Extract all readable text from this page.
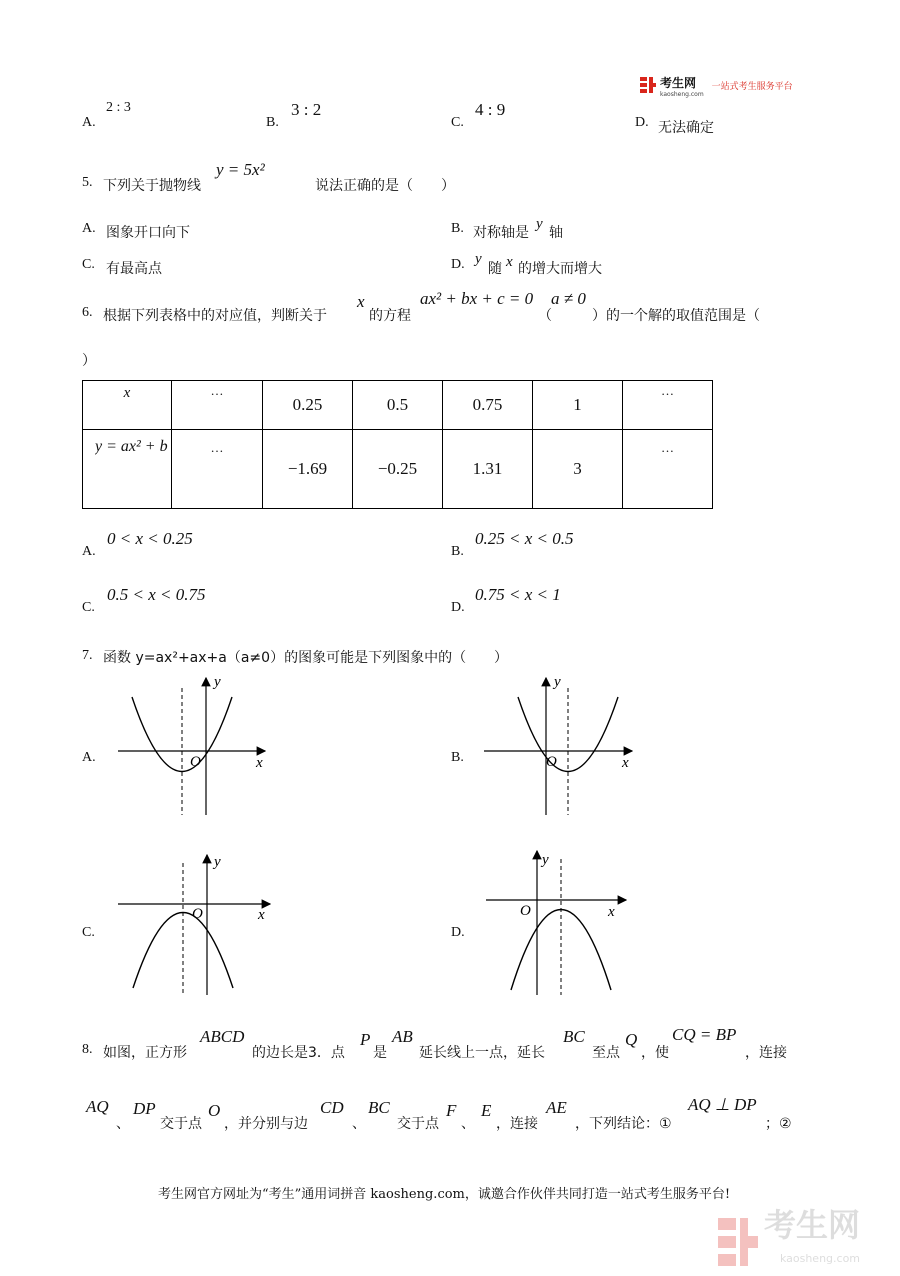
考生网
kaosheng.com
一站式考生服务平台
A.
2 : 3
B.
3 : 2
C.
4 : 9
D. 无法确定
5. 下列关于抛物线
y = 5x²
说法正确的是（　　）
A. 图象开口向下	B. 对称轴是
y
轴
C. 有最高点	D. y
随 x 的增大而增大
6. 根据下列表格中的对应值，判断关于
x
的方程
ax² + bx + c = 0
（
a ≠ 0
）的一个解的取值范围是（
）
x	…	0.25	0.5	0.75	1	…
y = ax² + b	…	−1.69	−0.25	1.31	3	…
A.
0 < x < 0.25
B.
0.25 < x < 0.5
C.
0.5 < x < 0.75
D.
0.75 < x < 1
7. 函数 y=ax²+ax+a（a≠0）的图象可能是下列图象中的（　　）
A.
y
x
O	B.
y
x
O
C.
y
x
O
D.
y
x
O
8. 如图，正方形
ABCD
的边长是3．点
P
是
AB
延长线上一点，延长
BC
至点
Q
，使
CQ = BP
，连接
AQ
、
DP
交于点
O
，并分别与边
CD
、
BC
交于点
F
、
E
，连接
AE
，下列结论：①
AQ ⊥ DP
；②
考生网官方网址为“考生”通用词拼音 kaosheng.com，诚邀合作伙伴共同打造一站式考生服务平台!
考生网
kaosheng.com
